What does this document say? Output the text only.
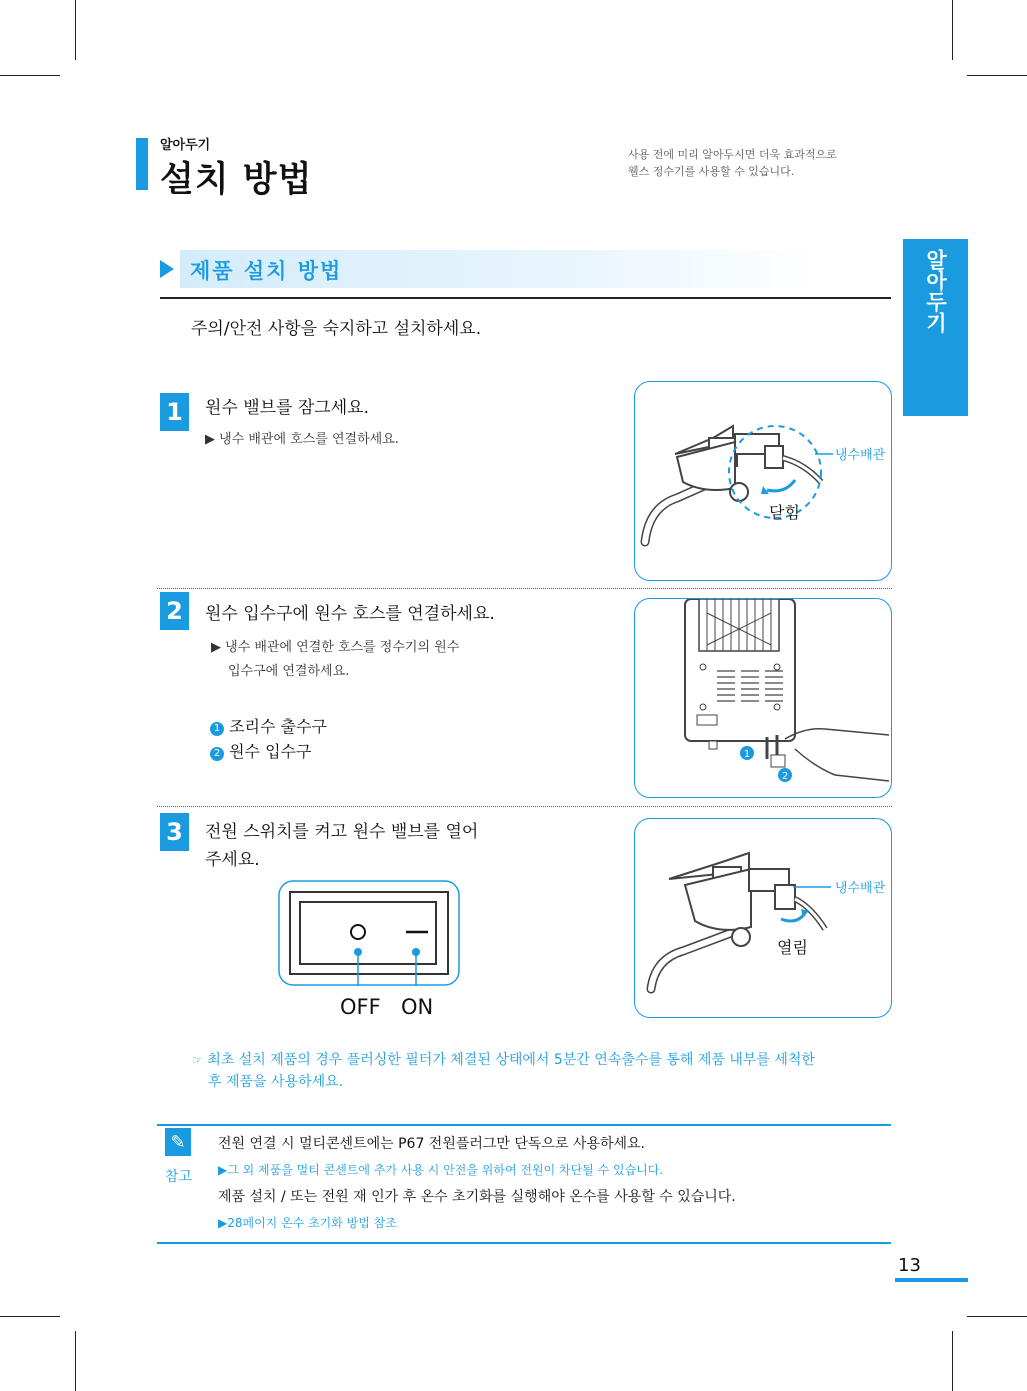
알아두기
설치 방법
사용 전에 미리 알아두시면 더욱 효과적으로
웰스 정수기를 사용할 수 있습니다.
알아두기
제품 설치 방법
주의/안전 사항을 숙지하고 설치하세요.
1	원수 밸브를 잠그세요.
▶ 냉수 배관에 호스를 연결하세요.
냉수배관
닫힘
2	원수 입수구에 원수 호스를 연결하세요.
▶ 냉수 배관에 연결한 호스를 정수기의 원수
입수구에 연결하세요.
1 조리수 출수구
2 원수 입수구	1
2
3	전원 스위치를 켜고 원수 밸브를 열어
주세요.
OFF ON
냉수배관
열림
☞ 최초 설치 제품의 경우 플러싱한 필터가 체결된 상태에서 5분간 연속출수를 통해 제품 내부를 세척한
후 제품을 사용하세요.
✎
참고
전원 연결 시 멀티콘센트에는 P67 전원플러그만 단독으로 사용하세요.
▶그 외 제품을 멀티 콘센트에 추가 사용 시 안전을 위하여 전원이 차단될 수 있습니다.
제품 설치 / 또는 전원 재 인가 후 온수 초기화를 실행해야 온수를 사용할 수 있습니다.
▶28페이지 온수 초기화 방법 참조
13
